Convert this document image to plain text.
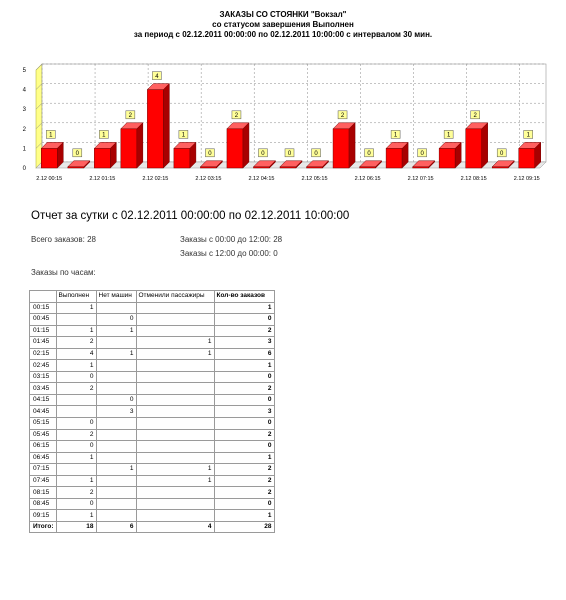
ЗАКАЗЫ СО СТОЯНКИ "Вокзал"
со статусом завершения Выполнен
за период с 02.12.2011 00:00:00 по 02.12.2011 10:00:00 с интервалом 30 мин.
0
1
2
3
4
5
1
0
1
2
4
1
0
2
0	0	0
2
0
1
0
1
2
0
1
2.12 00:15	2.12 01:15	2.12 02:15	2.12 03:15	2.12 04:15	2.12 05:15	2.12 06:15	2.12 07:15	2.12 08:15	2.12 09:15
Отчет за сутки с 02.12.2011 00:00:00 по 02.12.2011 10:00:00
Всего заказов: 28	Заказы с 00:00 до 12:00: 28
Заказы с 12:00 до 00:00: 0
Заказы по часам:
	Выполнен	Нет машин	Отменили пассажиры	Кол-во заказов
00:15	1			1
00:45		0		0
01:15	1	1		2
01:45	2		1	3
02:15	4	1	1	6
02:45	1			1
03:15	0			0
03:45	2			2
04:15		0		0
04:45		3		3
05:15	0			0
05:45	2			2
06:15	0			0
06:45	1			1
07:15		1	1	2
07:45	1		1	2
08:15	2			2
08:45	0			0
09:15	1			1
Итого:	18	6	4	28
